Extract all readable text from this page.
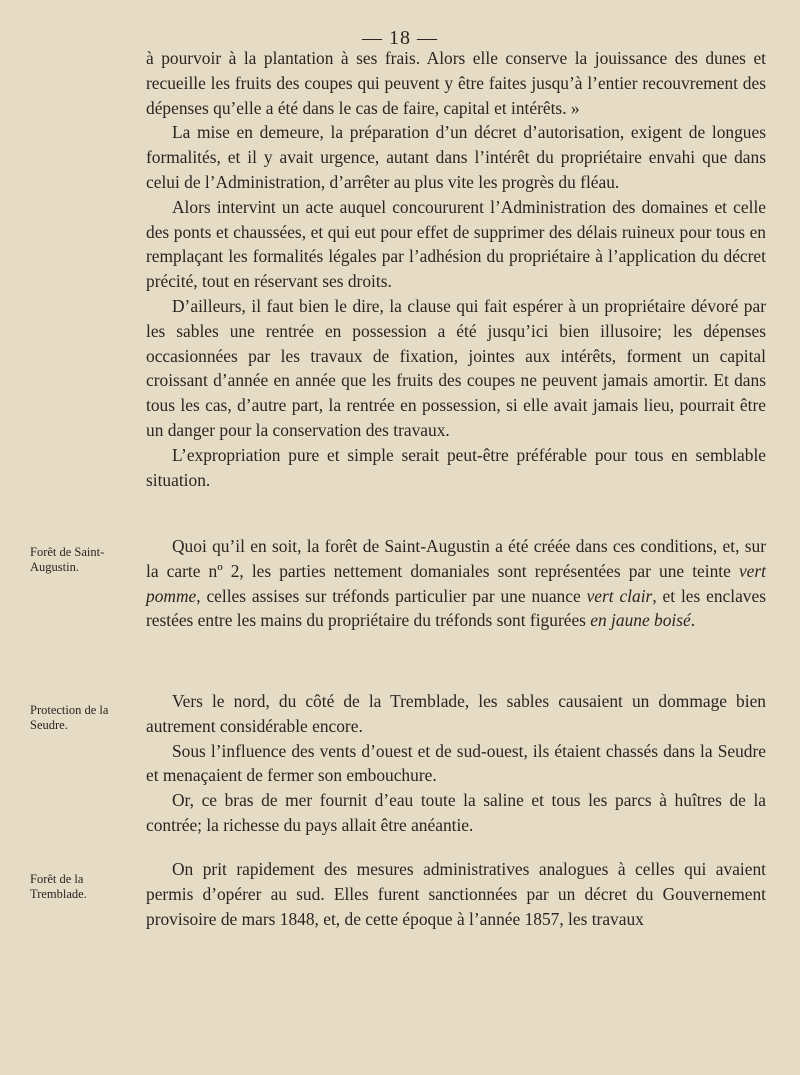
— 18 —

à pourvoir à la plantation à ses frais. Alors elle conserve la jouissance des dunes et recueille les fruits des coupes qui peuvent y être faites jusqu’à l’entier recouvrement des dépenses qu’elle a été dans le cas de faire, capital et intérêts. »

La mise en demeure, la préparation d’un décret d’autorisation, exigent de longues formalités, et il y avait urgence, autant dans l’intérêt du propriétaire envahi que dans celui de l’Administration, d’arrêter au plus vite les progrès du fléau.

Alors intervint un acte auquel concoururent l’Administration des domaines et celle des ponts et chaussées, et qui eut pour effet de supprimer des délais ruineux pour tous en remplaçant les formalités légales par l’adhésion du propriétaire à l’application du décret précité, tout en réservant ses droits.

D’ailleurs, il faut bien le dire, la clause qui fait espérer à un propriétaire dévoré par les sables une rentrée en possession a été jusqu’ici bien illusoire; les dépenses occasionnées par les travaux de fixation, jointes aux intérêts, forment un capital croissant d’année en année que les fruits des coupes ne peuvent jamais amortir. Et dans tous les cas, d’autre part, la rentrée en possession, si elle avait jamais lieu, pourrait être un danger pour la conservation des travaux.

L’expropriation pure et simple serait peut-être préférable pour tous en semblable situation.

Forêt de Saint-Augustin.

Quoi qu’il en soit, la forêt de Saint-Augustin a été créée dans ces conditions, et, sur la carte nº 2, les parties nettement domaniales sont représentées par une teinte vert pomme, celles assises sur tréfonds particulier par une nuance vert clair, et les enclaves restées entre les mains du propriétaire du tréfonds sont figurées en jaune boisé.

Protection de la Seudre.

Vers le nord, du côté de la Tremblade, les sables causaient un dommage bien autrement considérable encore.

Sous l’influence des vents d’ouest et de sud-ouest, ils étaient chassés dans la Seudre et menaçaient de fermer son embouchure.

Or, ce bras de mer fournit d’eau toute la saline et tous les parcs à huîtres de la contrée; la richesse du pays allait être anéantie.

Forêt de la Tremblade.

On prit rapidement des mesures administratives analogues à celles qui avaient permis d’opérer au sud. Elles furent sanctionnées par un décret du Gouvernement provisoire de mars 1848, et, de cette époque à l’année 1857, les travaux
